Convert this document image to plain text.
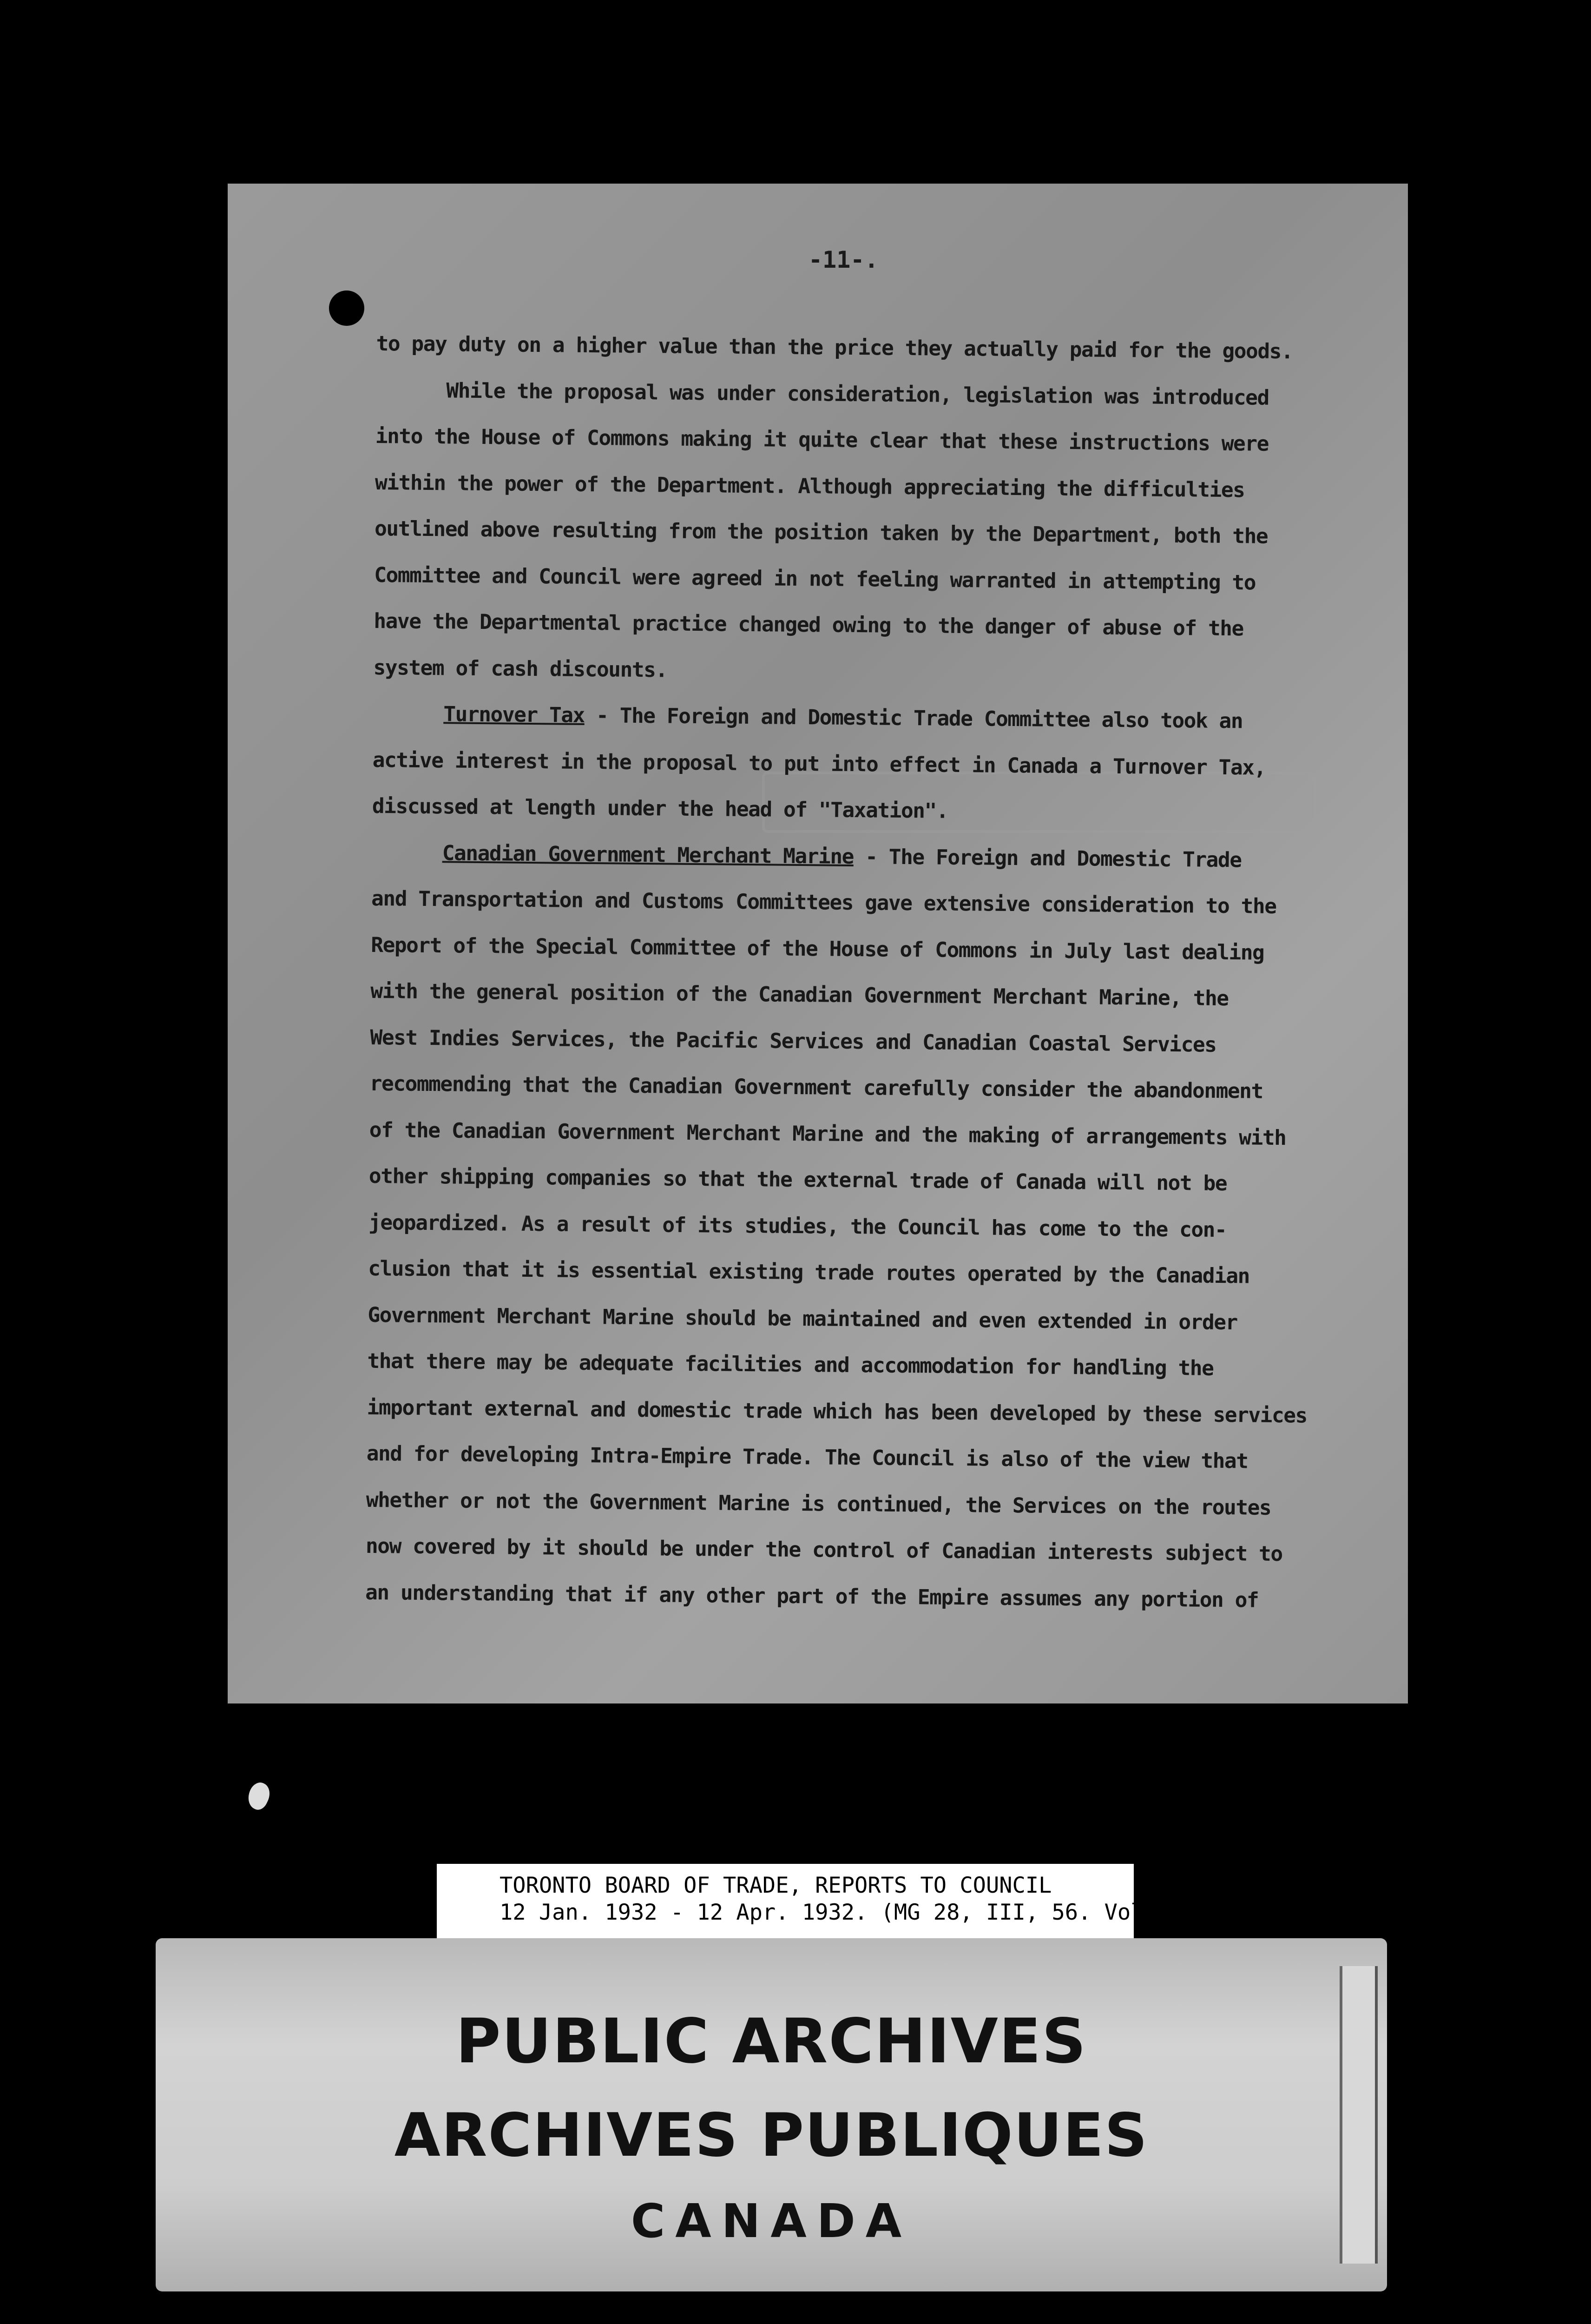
-11-.
to pay duty on a higher value than the price they actually paid for the goods.
While the proposal was under consideration, legislation was introduced
into the House of Commons making it quite clear that these instructions were
within the power of the Department. Although appreciating the difficulties
outlined above resulting from the position taken by the Department, both the
Committee and Council were agreed in not feeling warranted in attempting to
have the Departmental practice changed owing to the danger of abuse of the
system of cash discounts.
Turnover Tax - The Foreign and Domestic Trade Committee also took an
active interest in the proposal to put into effect in Canada a Turnover Tax,
discussed at length under the head of "Taxation".
Canadian Government Merchant Marine - The Foreign and Domestic Trade
and Transportation and Customs Committees gave extensive consideration to the
Report of the Special Committee of the House of Commons in July last dealing
with the general position of the Canadian Government Merchant Marine, the
West Indies Services, the Pacific Services and Canadian Coastal Services
recommending that the Canadian Government carefully consider the abandonment
of the Canadian Government Merchant Marine and the making of arrangements with
other shipping companies so that the external trade of Canada will not be
jeopardized. As a result of its studies, the Council has come to the con-
clusion that it is essential existing trade routes operated by the Canadian
Government Merchant Marine should be maintained and even extended in order
that there may be adequate facilities and accommodation for handling the
important external and domestic trade which has been developed by these services
and for developing Intra-Empire Trade. The Council is also of the view that
whether or not the Government Marine is continued, the Services on the routes
now covered by it should be under the control of Canadian interests subject to
an understanding that if any other part of the Empire assumes any portion of
TORONTO BOARD OF TRADE, REPORTS TO COUNCIL
12 Jan. 1932 - 12 Apr. 1932. (MG 28, III, 56. Vol. 57)
PUBLIC ARCHIVES
ARCHIVES PUBLIQUES
CANADA
